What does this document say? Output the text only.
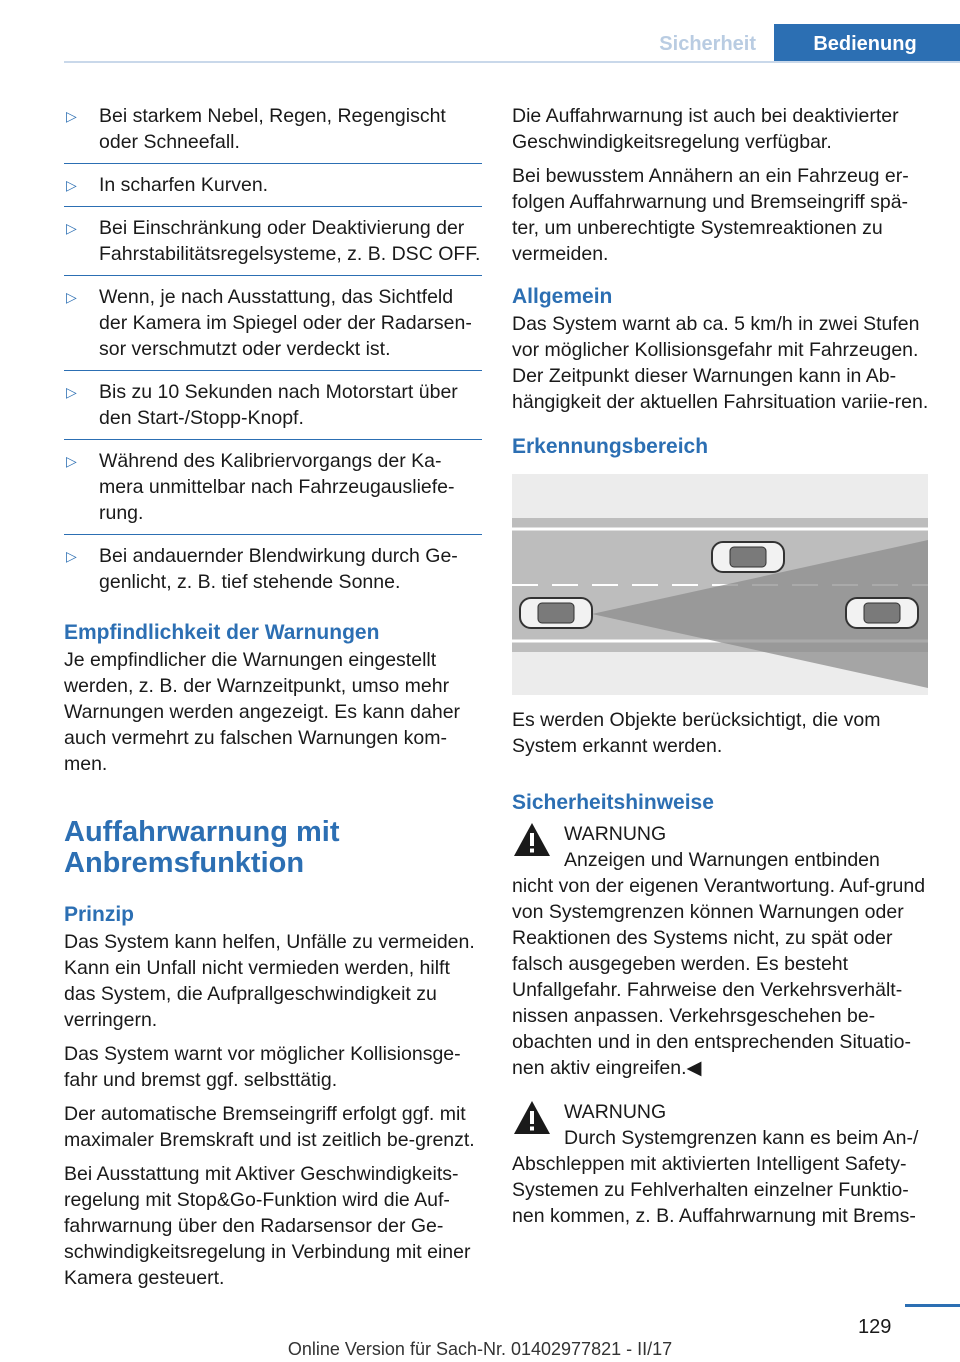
Sicherheit	Bedienung
▷ Bei starkem Nebel, Regen, Regengischt oder Schneefall.
▷ In scharfen Kurven.
▷ Bei Einschränkung oder Deaktivierung der Fahrstabilitätsregelsysteme, z. B. DSC OFF.
▷ Wenn, je nach Ausstattung, das Sichtfeld der Kamera im Spiegel oder der Radarsen‐sor verschmutzt oder verdeckt ist.
▷ Bis zu 10 Sekunden nach Motorstart über den Start-/Stopp-Knopf.
▷ Während des Kalibriervorgangs der Ka‐mera unmittelbar nach Fahrzeugausliefe‐rung.
▷ Bei andauernder Blendwirkung durch Ge‐genlicht, z. B. tief stehende Sonne.
Empfindlichkeit der Warnungen

Je empfindlicher die Warnungen eingestellt werden, z. B. der Warnzeitpunkt, umso mehr Warnungen werden angezeigt. Es kann daher auch vermehrt zu falschen Warnungen kom‐men.

Auffahrwarnung mit Anbremsfunktion
Prinzip

Das System kann helfen, Unfälle zu vermeiden. Kann ein Unfall nicht vermieden werden, hilft das System, die Aufprallgeschwindigkeit zu verringern.

Das System warnt vor möglicher Kollisionsge‐fahr und bremst ggf. selbsttätig.

Der automatische Bremseingriff erfolgt ggf. mit maximaler Bremskraft und ist zeitlich be‐grenzt.

Bei Ausstattung mit Aktiver Geschwindigkeits‐regelung mit Stop&Go-Funktion wird die Auf‐fahrwarnung über den Radarsensor der Ge‐schwindigkeitsregelung in Verbindung mit einer Kamera gesteuert.

Die Auffahrwarnung ist auch bei deaktivierter Geschwindigkeitsregelung verfügbar.

Bei bewusstem Annähern an ein Fahrzeug er‐folgen Auffahrwarnung und Bremseingriff spä‐ter, um unberechtigte Systemreaktionen zu vermeiden.

Allgemein

Das System warnt ab ca. 5 km/h in zwei Stufen vor möglicher Kollisionsgefahr mit Fahrzeugen. Der Zeitpunkt dieser Warnungen kann in Ab‐hängigkeit der aktuellen Fahrsituation variie‐ren.

Erkennungsbereich

Es werden Objekte berücksichtigt, die vom System erkannt werden.

Sicherheitshinweise
WARNUNG
Anzeigen und Warnungen entbinden
nicht von der eigenen Verantwortung. Auf‐grund von Systemgrenzen können Warnungen oder Reaktionen des Systems nicht, zu spät oder falsch ausgegeben werden. Es besteht Unfallgefahr. Fahrweise den Verkehrsverhält‐nissen anpassen. Verkehrsgeschehen be‐obachten und in den entsprechenden Situatio‐nen aktiv eingreifen.◀
WARNUNG
Durch Systemgrenzen kann es beim An-/
Abschleppen mit aktivierten Intelligent Safety-Systemen zu Fehlverhalten einzelner Funktio‐nen kommen, z. B. Auffahrwarnung mit Brems‐
129
Online Version für Sach-Nr. 01402977821 - II/17
